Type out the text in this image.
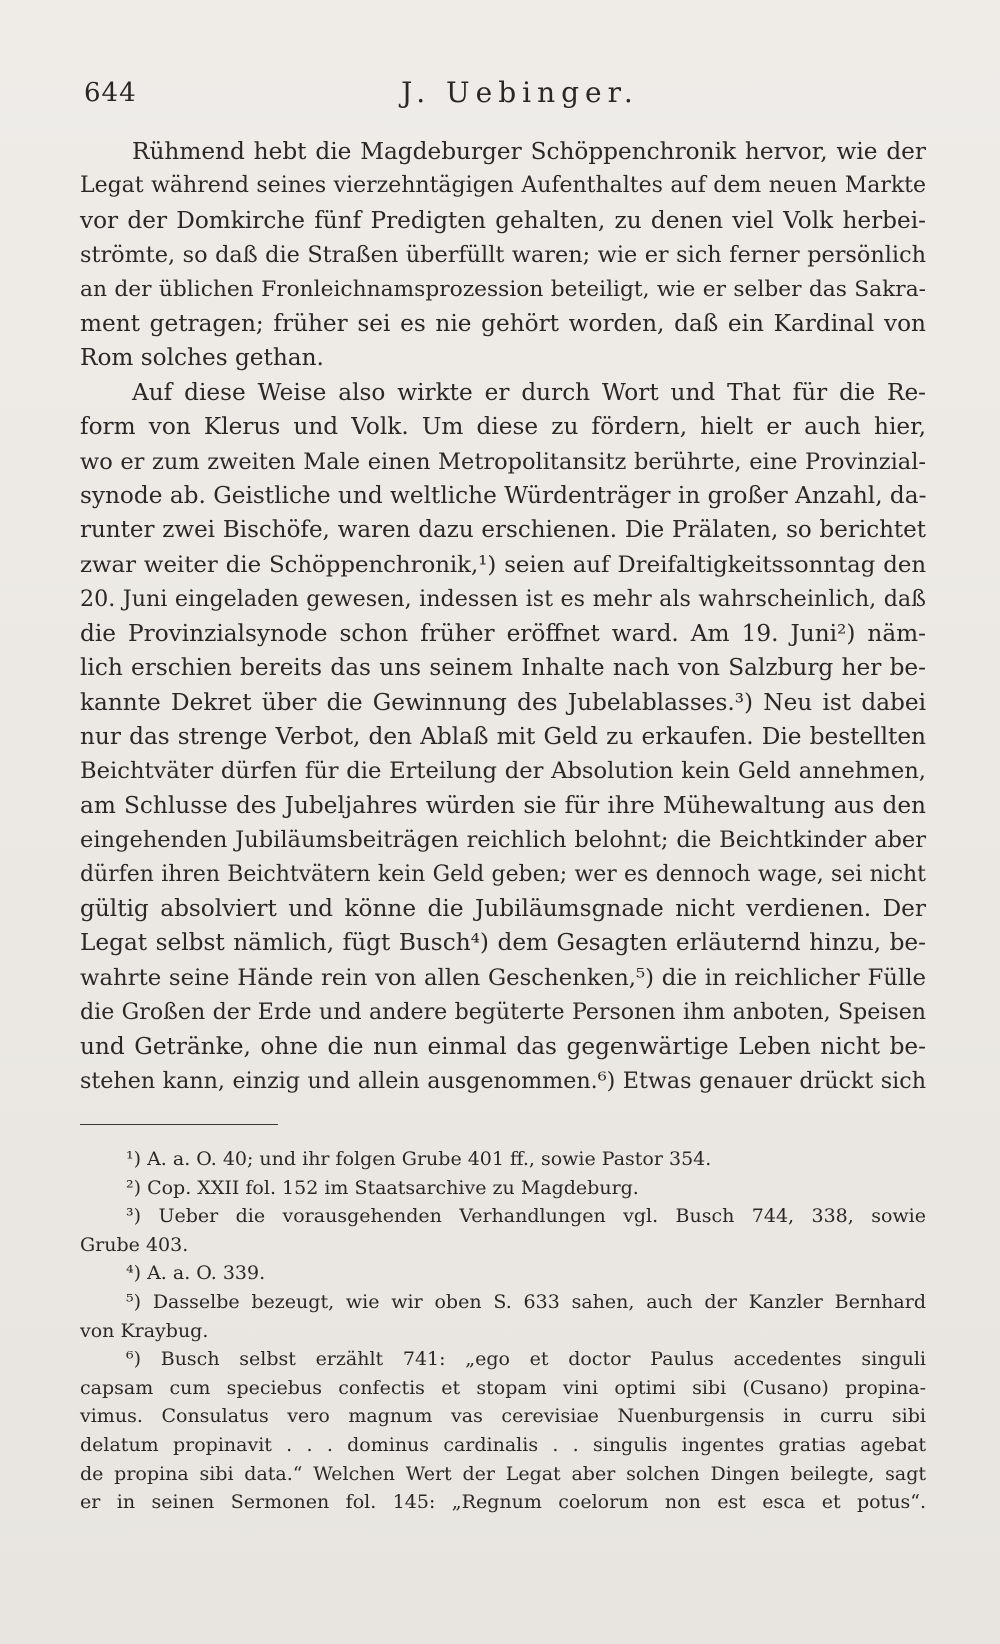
644	J. Uebinger.
Rühmend hebt die Magdeburger Schöppenchronik hervor, wie der
Legat während seines vierzehntägigen Aufenthaltes auf dem neuen Markte
vor der Domkirche fünf Predigten gehalten, zu denen viel Volk herbei-
strömte, so daß die Straßen überfüllt waren; wie er sich ferner persönlich
an der üblichen Fronleichnamsprozession beteiligt, wie er selber das Sakra-
ment getragen; früher sei es nie gehört worden, daß ein Kardinal von
Rom solches gethan.
Auf diese Weise also wirkte er durch Wort und That für die Re-
form von Klerus und Volk. Um diese zu fördern, hielt er auch hier,
wo er zum zweiten Male einen Metropolitansitz berührte, eine Provinzial-
synode ab. Geistliche und weltliche Würdenträger in großer Anzahl, da-
runter zwei Bischöfe, waren dazu erschienen. Die Prälaten, so berichtet
zwar weiter die Schöppenchronik,¹) seien auf Dreifaltigkeitssonntag den
20. Juni eingeladen gewesen, indessen ist es mehr als wahrscheinlich, daß
die Provinzialsynode schon früher eröffnet ward. Am 19. Juni²) näm-
lich erschien bereits das uns seinem Inhalte nach von Salzburg her be-
kannte Dekret über die Gewinnung des Jubelablasses.³) Neu ist dabei
nur das strenge Verbot, den Ablaß mit Geld zu erkaufen. Die bestellten
Beichtväter dürfen für die Erteilung der Absolution kein Geld annehmen,
am Schlusse des Jubeljahres würden sie für ihre Mühewaltung aus den
eingehenden Jubiläumsbeiträgen reichlich belohnt; die Beichtkinder aber
dürfen ihren Beichtvätern kein Geld geben; wer es dennoch wage, sei nicht
gültig absolviert und könne die Jubiläumsgnade nicht verdienen. Der
Legat selbst nämlich, fügt Busch⁴) dem Gesagten erläuternd hinzu, be-
wahrte seine Hände rein von allen Geschenken,⁵) die in reichlicher Fülle
die Großen der Erde und andere begüterte Personen ihm anboten, Speisen
und Getränke, ohne die nun einmal das gegenwärtige Leben nicht be-
stehen kann, einzig und allein ausgenommen.⁶) Etwas genauer drückt sich
¹) A. a. O. 40; und ihr folgen Grube 401 ff., sowie Pastor 354.
²) Cop. XXII fol. 152 im Staatsarchive zu Magdeburg.
³) Ueber die vorausgehenden Verhandlungen vgl. Busch 744, 338, sowie
Grube 403.
⁴) A. a. O. 339.
⁵) Dasselbe bezeugt, wie wir oben S. 633 sahen, auch der Kanzler Bernhard
von Kraybug.
⁶) Busch selbst erzählt 741: „ego et doctor Paulus accedentes singuli
capsam cum speciebus confectis et stopam vini optimi sibi (Cusano) propina-
vimus. Consulatus vero magnum vas cerevisiae Nuenburgensis in curru sibi
delatum propinavit . . . dominus cardinalis . . singulis ingentes gratias agebat
de propina sibi data.“ Welchen Wert der Legat aber solchen Dingen beilegte, sagt
er in seinen Sermonen fol. 145: „Regnum coelorum non est esca et potus“.
